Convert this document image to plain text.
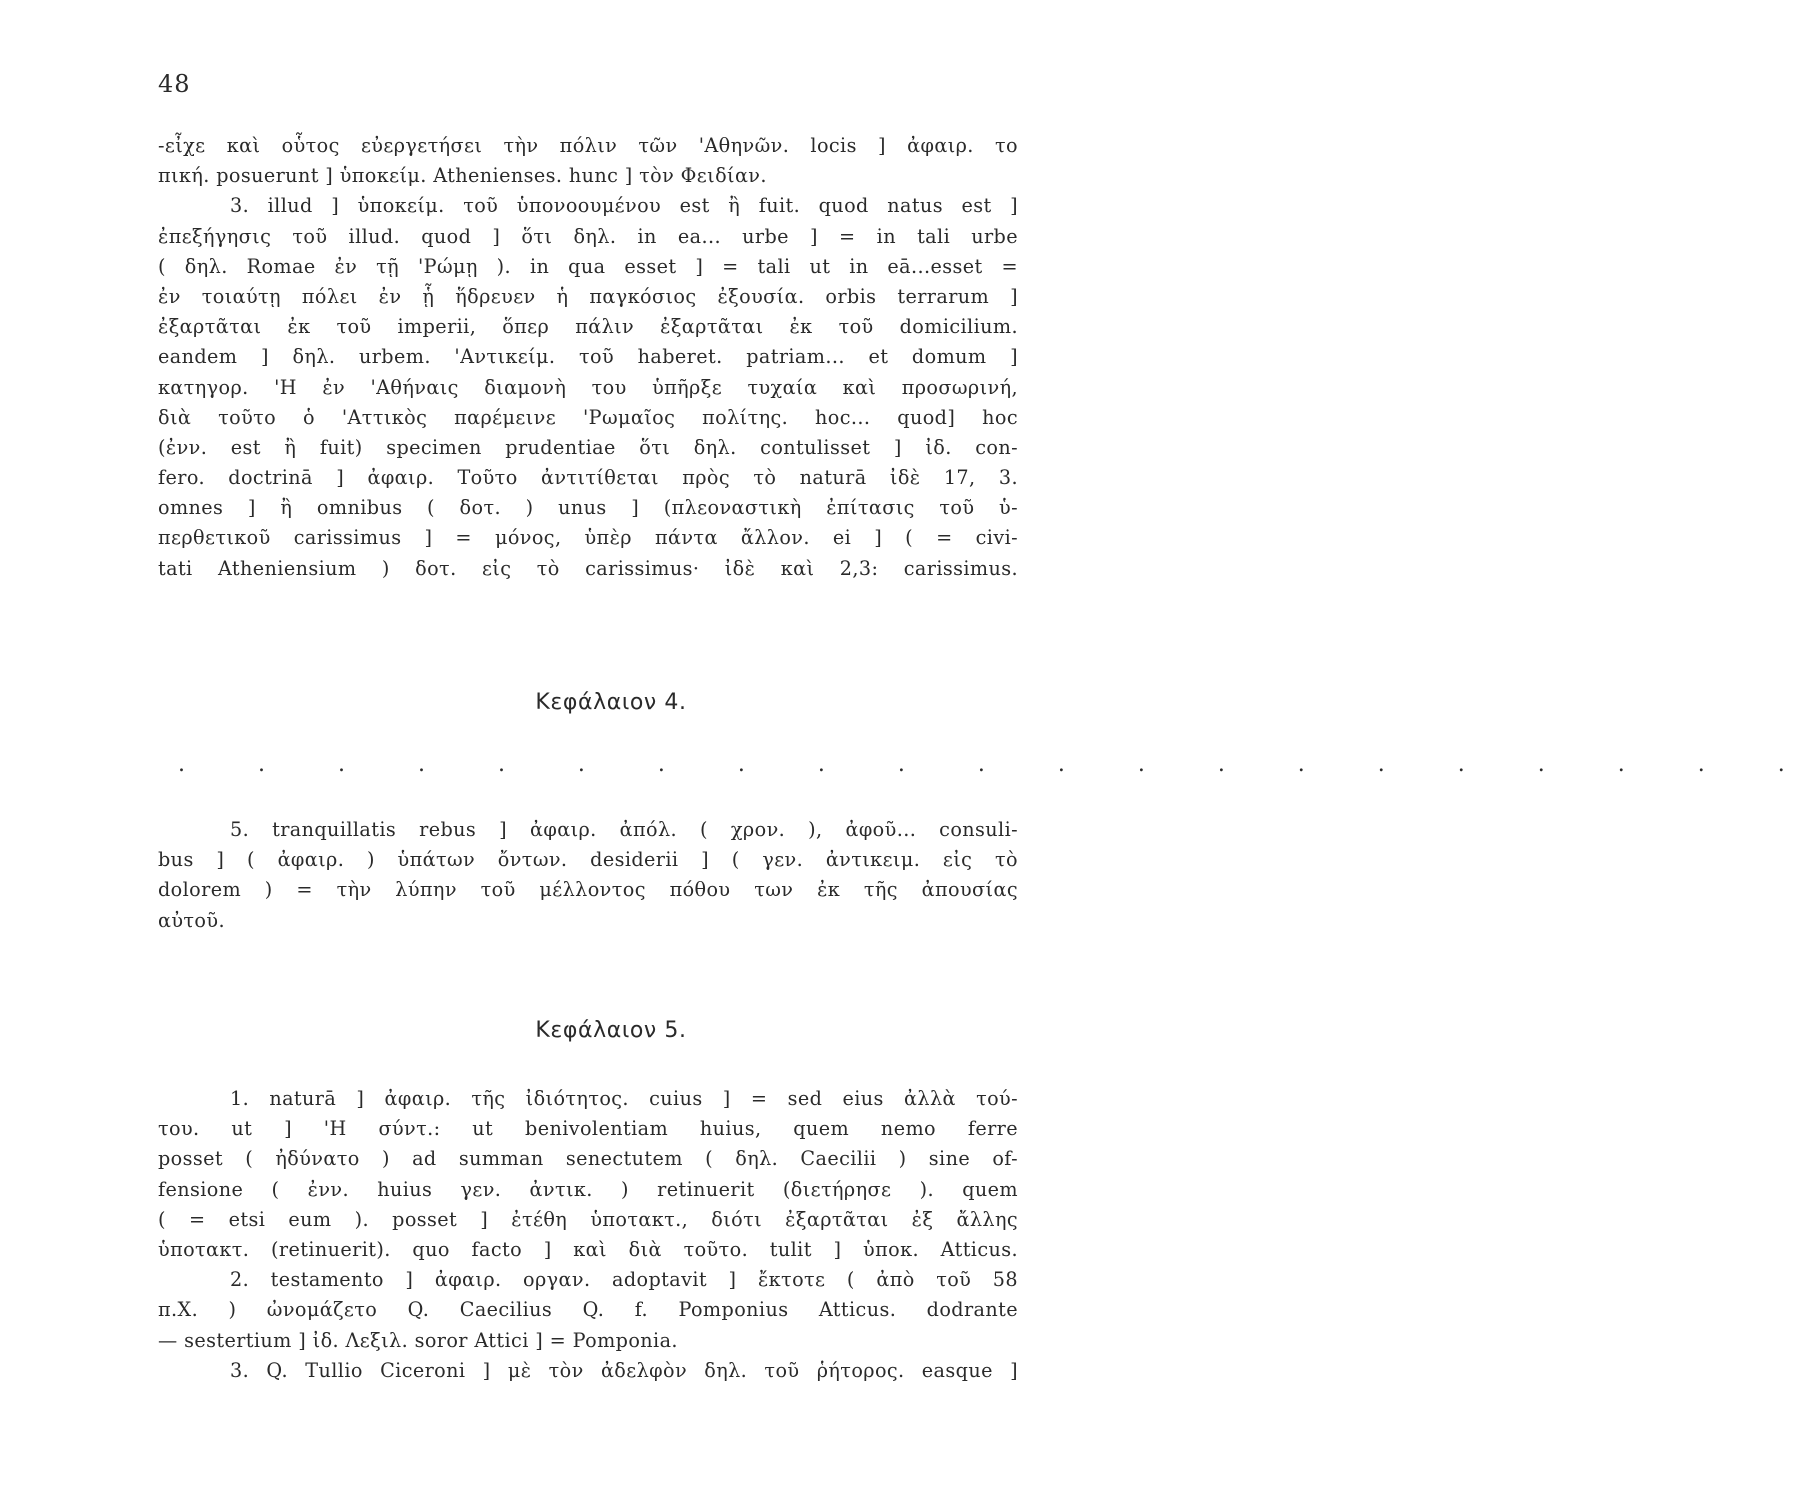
48
-εἶχε καὶ οὗτος εὐεργετήσει τὴν πόλιν τῶν 'Αθηνῶν. locis ] ἀφαιρ. το
πική. posuerunt ] ὑποκείμ. Athenienses. hunc ] τὸν Φειδίαν.
3. illud ] ὑποκείμ. τοῦ ὑπονοουμένου est ἢ fuit. quod natus est ]
ἐπεξήγησις τοῦ illud. quod ] ὅτι δηλ. in ea... urbe ] = in tali urbe
( δηλ. Romae ἐν τῇ 'Ρώμῃ ). in qua esset ] = tali ut in eā...esset =
ἐν τοιαύτῃ πόλει ἐν ᾗ ἥδρευεν ἡ παγκόσιος ἐξουσία. orbis terrarum ]
ἐξαρτᾶται ἐκ τοῦ imperii, ὅπερ πάλιν ἐξαρτᾶται ἐκ τοῦ domicilium.
eandem ] δηλ. urbem. 'Αντικείμ. τοῦ haberet. patriam... et domum ]
κατηγορ. 'Η ἐν 'Αθήναις διαμονὴ του ὑπῆρξε τυχαία καὶ προσωρινή,
διὰ τοῦτο ὁ 'Αττικὸς παρέμεινε 'Ρωμαῖος πολίτης. hoc... quod] hoc
(ἐνν. est ἢ fuit) specimen prudentiae ὅτι δηλ. contulisset ] ἰδ. con-
fero. doctrinā ] ἀφαιρ. Τοῦτο ἀντιτίθεται πρὸς τὸ naturā ἰδὲ 17, 3.
omnes ] ἢ omnibus ( δοτ. ) unus ] (πλεοναστικὴ ἐπίτασις τοῦ ὑ-
περθετικοῦ carissimus ] = μόνος, ὑπὲρ πάντα ἄλλον. ei ] ( = civi-
tati Atheniensium ) δοτ. εἰς τὸ carissimus· ἰδὲ καὶ 2,3: carissimus.
Κεφάλαιον 4.
. . . . . . . . . . . . . . . . . . . . .
5. tranquillatis rebus ] ἀφαιρ. ἀπόλ. ( χρον. ), ἀφοῦ... consuli-
bus ] ( ἀφαιρ. ) ὑπάτων ὄντων. desiderii ] ( γεν. ἀντικειμ. εἰς τὸ
dolorem ) = τὴν λύπην τοῦ μέλλοντος πόθου των ἐκ τῆς ἀπουσίας
αὐτοῦ.
Κεφάλαιον 5.
1. naturā ] ἀφαιρ. τῆς ἰδιότητος. cuius ] = sed eius ἀλλὰ τού-
του. ut ] 'Η σύντ.: ut benivolentiam huius, quem nemo ferre
posset ( ἠδύνατο ) ad summan senectutem ( δηλ. Caecilii ) sine of-
fensione ( ἐνν. huius γεν. ἀντικ. ) retinuerit (διετήρησε ). quem
( = etsi eum ). posset ] ἐτέθη ὑποτακτ., διότι ἐξαρτᾶται ἐξ ἄλλης
ὑποτακτ. (retinuerit). quo facto ] καὶ διὰ τοῦτο. tulit ] ὑποκ. Atticus.
2. testamento ] ἀφαιρ. οργαν. adoptavit ] ἔκτοτε ( ἀπὸ τοῦ 58
π.Χ. ) ὠνομάζετο Q. Caecilius Q. f. Pomponius Atticus. dodrante
— sestertium ] ἰδ. Λεξιλ. soror Attici ] = Pomponia.
3. Q. Tullio Ciceroni ] μὲ τὸν ἀδελφὸν δηλ. τοῦ ῥήτορος. easque ]
